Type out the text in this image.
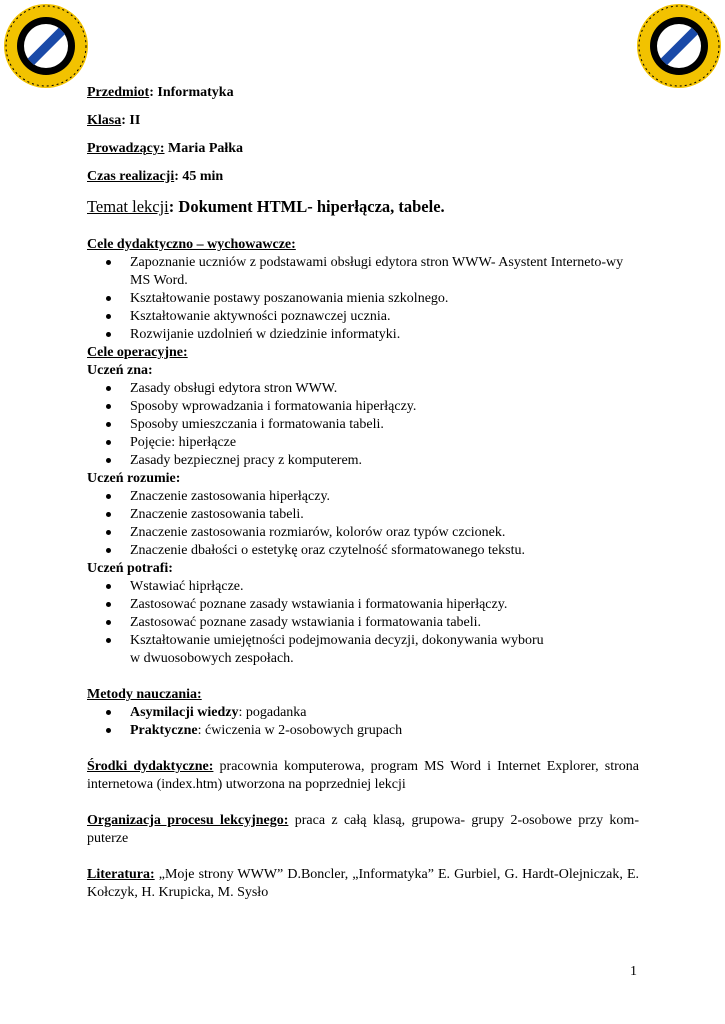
Przedmiot: Informatyka
Klasa: II
Prowadzący: Maria Pałka
Czas realizacji: 45 min
Temat lekcji: Dokument HTML- hiperłącza, tabele.
Cele dydaktyczno – wychowawcze:
Zapoznanie uczniów z podstawami obsługi edytora stron WWW- Asystent Interneto-wy MS Word.
Kształtowanie postawy poszanowania mienia szkolnego.
Kształtowanie aktywności poznawczej ucznia.
Rozwijanie uzdolnień w dziedzinie informatyki.
Cele operacyjne:
Uczeń zna:
Zasady obsługi edytora stron WWW.
Sposoby wprowadzania i formatowania hiperłączy.
Sposoby umieszczania i formatowania tabeli.
Pojęcie: hiperłącze
Zasady bezpiecznej pracy z komputerem.
Uczeń rozumie:
Znaczenie zastosowania hiperłączy.
Znaczenie zastosowania tabeli.
Znaczenie zastosowania rozmiarów, kolorów oraz typów czcionek.
Znaczenie dbałości o estetykę oraz czytelność sformatowanego tekstu.
Uczeń potrafi:
Wstawiać hiprłącze.
Zastosować poznane zasady wstawiania i formatowania hiperłączy.
Zastosować poznane zasady wstawiania i formatowania tabeli.
Kształtowanie umiejętności podejmowania decyzji, dokonywania wyboru
w dwuosobowych zespołach.
Metody nauczania:
Asymilacji wiedzy: pogadanka
Praktyczne: ćwiczenia w 2-osobowych grupach
Środki dydaktyczne: pracownia komputerowa, program MS Word i Internet Explorer, strona internetowa (index.htm) utworzona na poprzedniej lekcji
Organizacja procesu lekcyjnego: praca z całą klasą, grupowa- grupy 2-osobowe przy kom-puterze
Literatura: „Moje strony WWW” D.Boncler, „Informatyka” E. Gurbiel, G. Hardt-Olejniczak, E. Kołczyk, H. Krupicka, M. Sysło
1
